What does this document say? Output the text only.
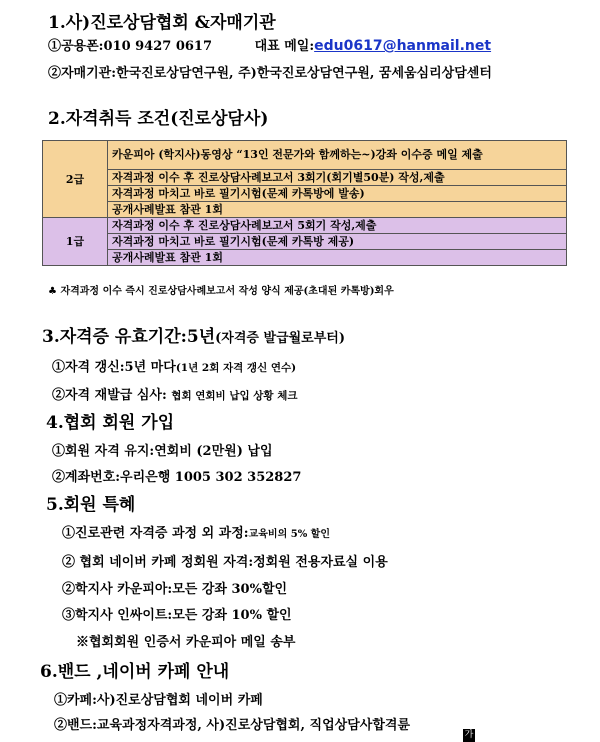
1.사)진로상담협회 &자매기관
①공용폰:010 9427 0617	대표 메일:edu0617@hanmail.net
②자매기관:한국진로상담연구원, 주)한국진로상담연구원, 꿈세움심리상담센터
2.자격취득 조건(진로상담사)
2급	카운피아 (학지사)동영상 “13인 전문가와 함께하는~)강좌 이수증 메일 제출
	자격과정 이수 후 진로상담사례보고서 3회기(회기별50분) 작성,제출
	자격과정 마치고 바로 필기시험(문제 카톡방에 발송)
	공개사례발표 참관 1회
1급	자격과정 이수 후 진로상담사례보고서 5회기 작성,제출
	자격과정 마치고 바로 필기시험(문제 카톡방 제공)
	공개사례발표 참관 1회
♣ 자격과정 이수 즉시 진로상담사례보고서 작성 양식 제공(초대된 카톡방)회우
3.자격증 유효기간:5년(자격증 발급월로부터)
①자격 갱신:5년 마다(1년 2회 자격 갱신 연수)
②자격 재발급 심사: 협회 연회비 납입 상황 체크
4.협회 회원 가입
①회원 자격 유지:연회비 (2만원) 납입
②계좌번호:우리은행 1005 302 352827
5.회원 특혜
①진로관련 자격증 과정 외 과정:교육비의 5% 할인
② 협회 네이버 카페 정회원 자격:정회원 전용자료실 이용
②학지사 카운피아:모든 강좌 30%할인
③학지사 인싸이트:모든 강좌 10% 할인
※협회회원 인증서 카운피아 메일 송부
6.밴드 ,네이버 카페 안내
①카페:사)진로상담협회 네이버 카페
②밴드:교육과정자격과정, 사)진로상담협회, 직업상담사합격륜
가
